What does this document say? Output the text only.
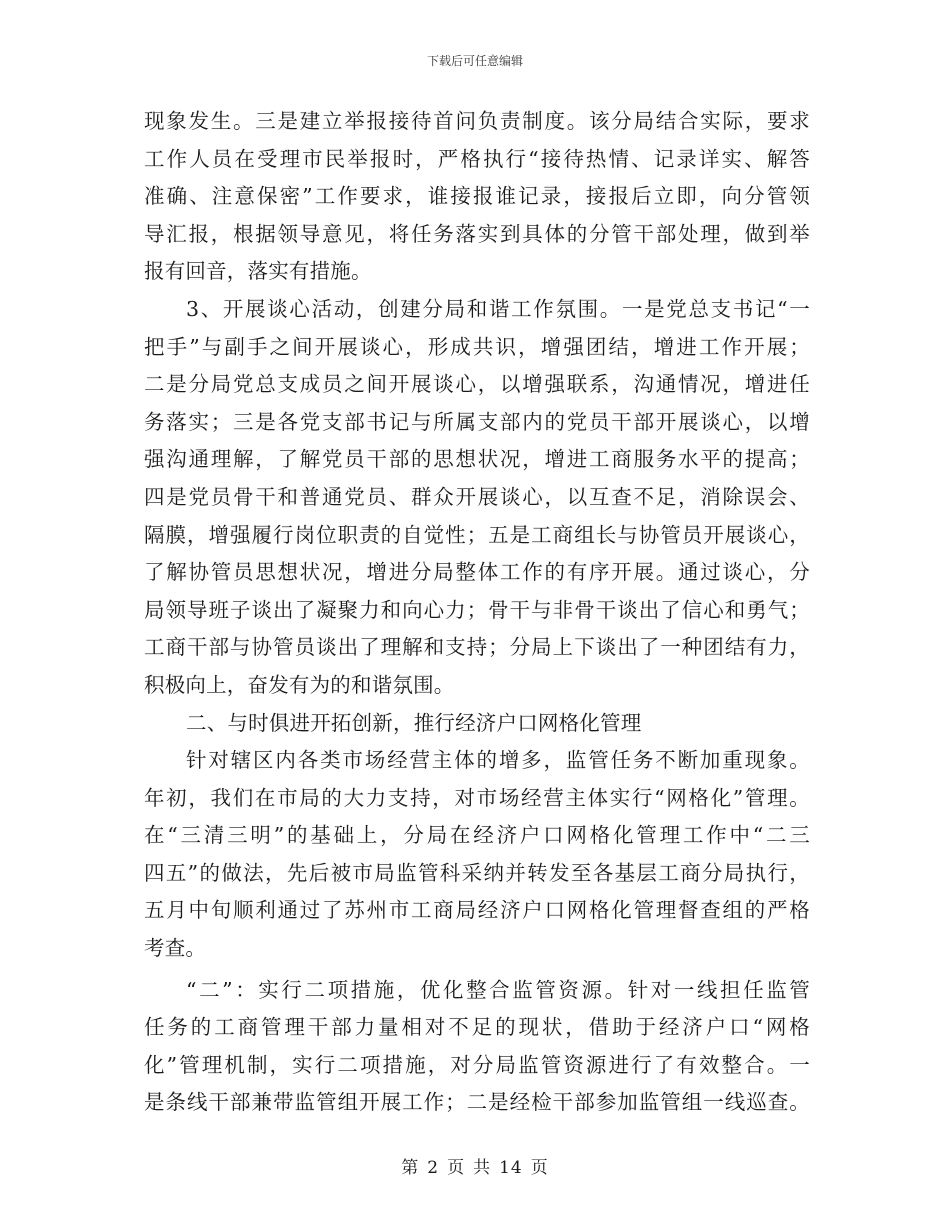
下载后可任意编辑
现象发生。三是建立举报接待首问负责制度。该分局结合实际，要求
工作人员在受理市民举报时，严格执行“接待热情、记录详实、解答
准确、注意保密”工作要求，谁接报谁记录，接报后立即，向分管领
导汇报，根据领导意见，将任务落实到具体的分管干部处理，做到举
报有回音，落实有措施。
3、开展谈心活动，创建分局和谐工作氛围。一是党总支书记“一
把手”与副手之间开展谈心，形成共识，增强团结，增进工作开展；
二是分局党总支成员之间开展谈心，以增强联系，沟通情况，增进任
务落实；三是各党支部书记与所属支部内的党员干部开展谈心，以增
强沟通理解，了解党员干部的思想状况，增进工商服务水平的提高；
四是党员骨干和普通党员、群众开展谈心，以互查不足，消除误会、
隔膜，增强履行岗位职责的自觉性；五是工商组长与协管员开展谈心，
了解协管员思想状况，增进分局整体工作的有序开展。通过谈心，分
局领导班子谈出了凝聚力和向心力；骨干与非骨干谈出了信心和勇气；
工商干部与协管员谈出了理解和支持；分局上下谈出了一种团结有力，
积极向上，奋发有为的和谐氛围。
二、与时俱进开拓创新，推行经济户口网格化管理
针对辖区内各类市场经营主体的增多，监管任务不断加重现象。
年初，我们在市局的大力支持，对市场经营主体实行“网格化”管理。
在“三清三明”的基础上，分局在经济户口网格化管理工作中“二三
四五”的做法，先后被市局监管科采纳并转发至各基层工商分局执行，
五月中旬顺利通过了苏州市工商局经济户口网格化管理督查组的严格
考查。
“二”：实行二项措施，优化整合监管资源。针对一线担任监管
任务的工商管理干部力量相对不足的现状，借助于经济户口“网格
化”管理机制，实行二项措施，对分局监管资源进行了有效整合。一
是条线干部兼带监管组开展工作；二是经检干部参加监管组一线巡查。
第 2 页 共 14 页
